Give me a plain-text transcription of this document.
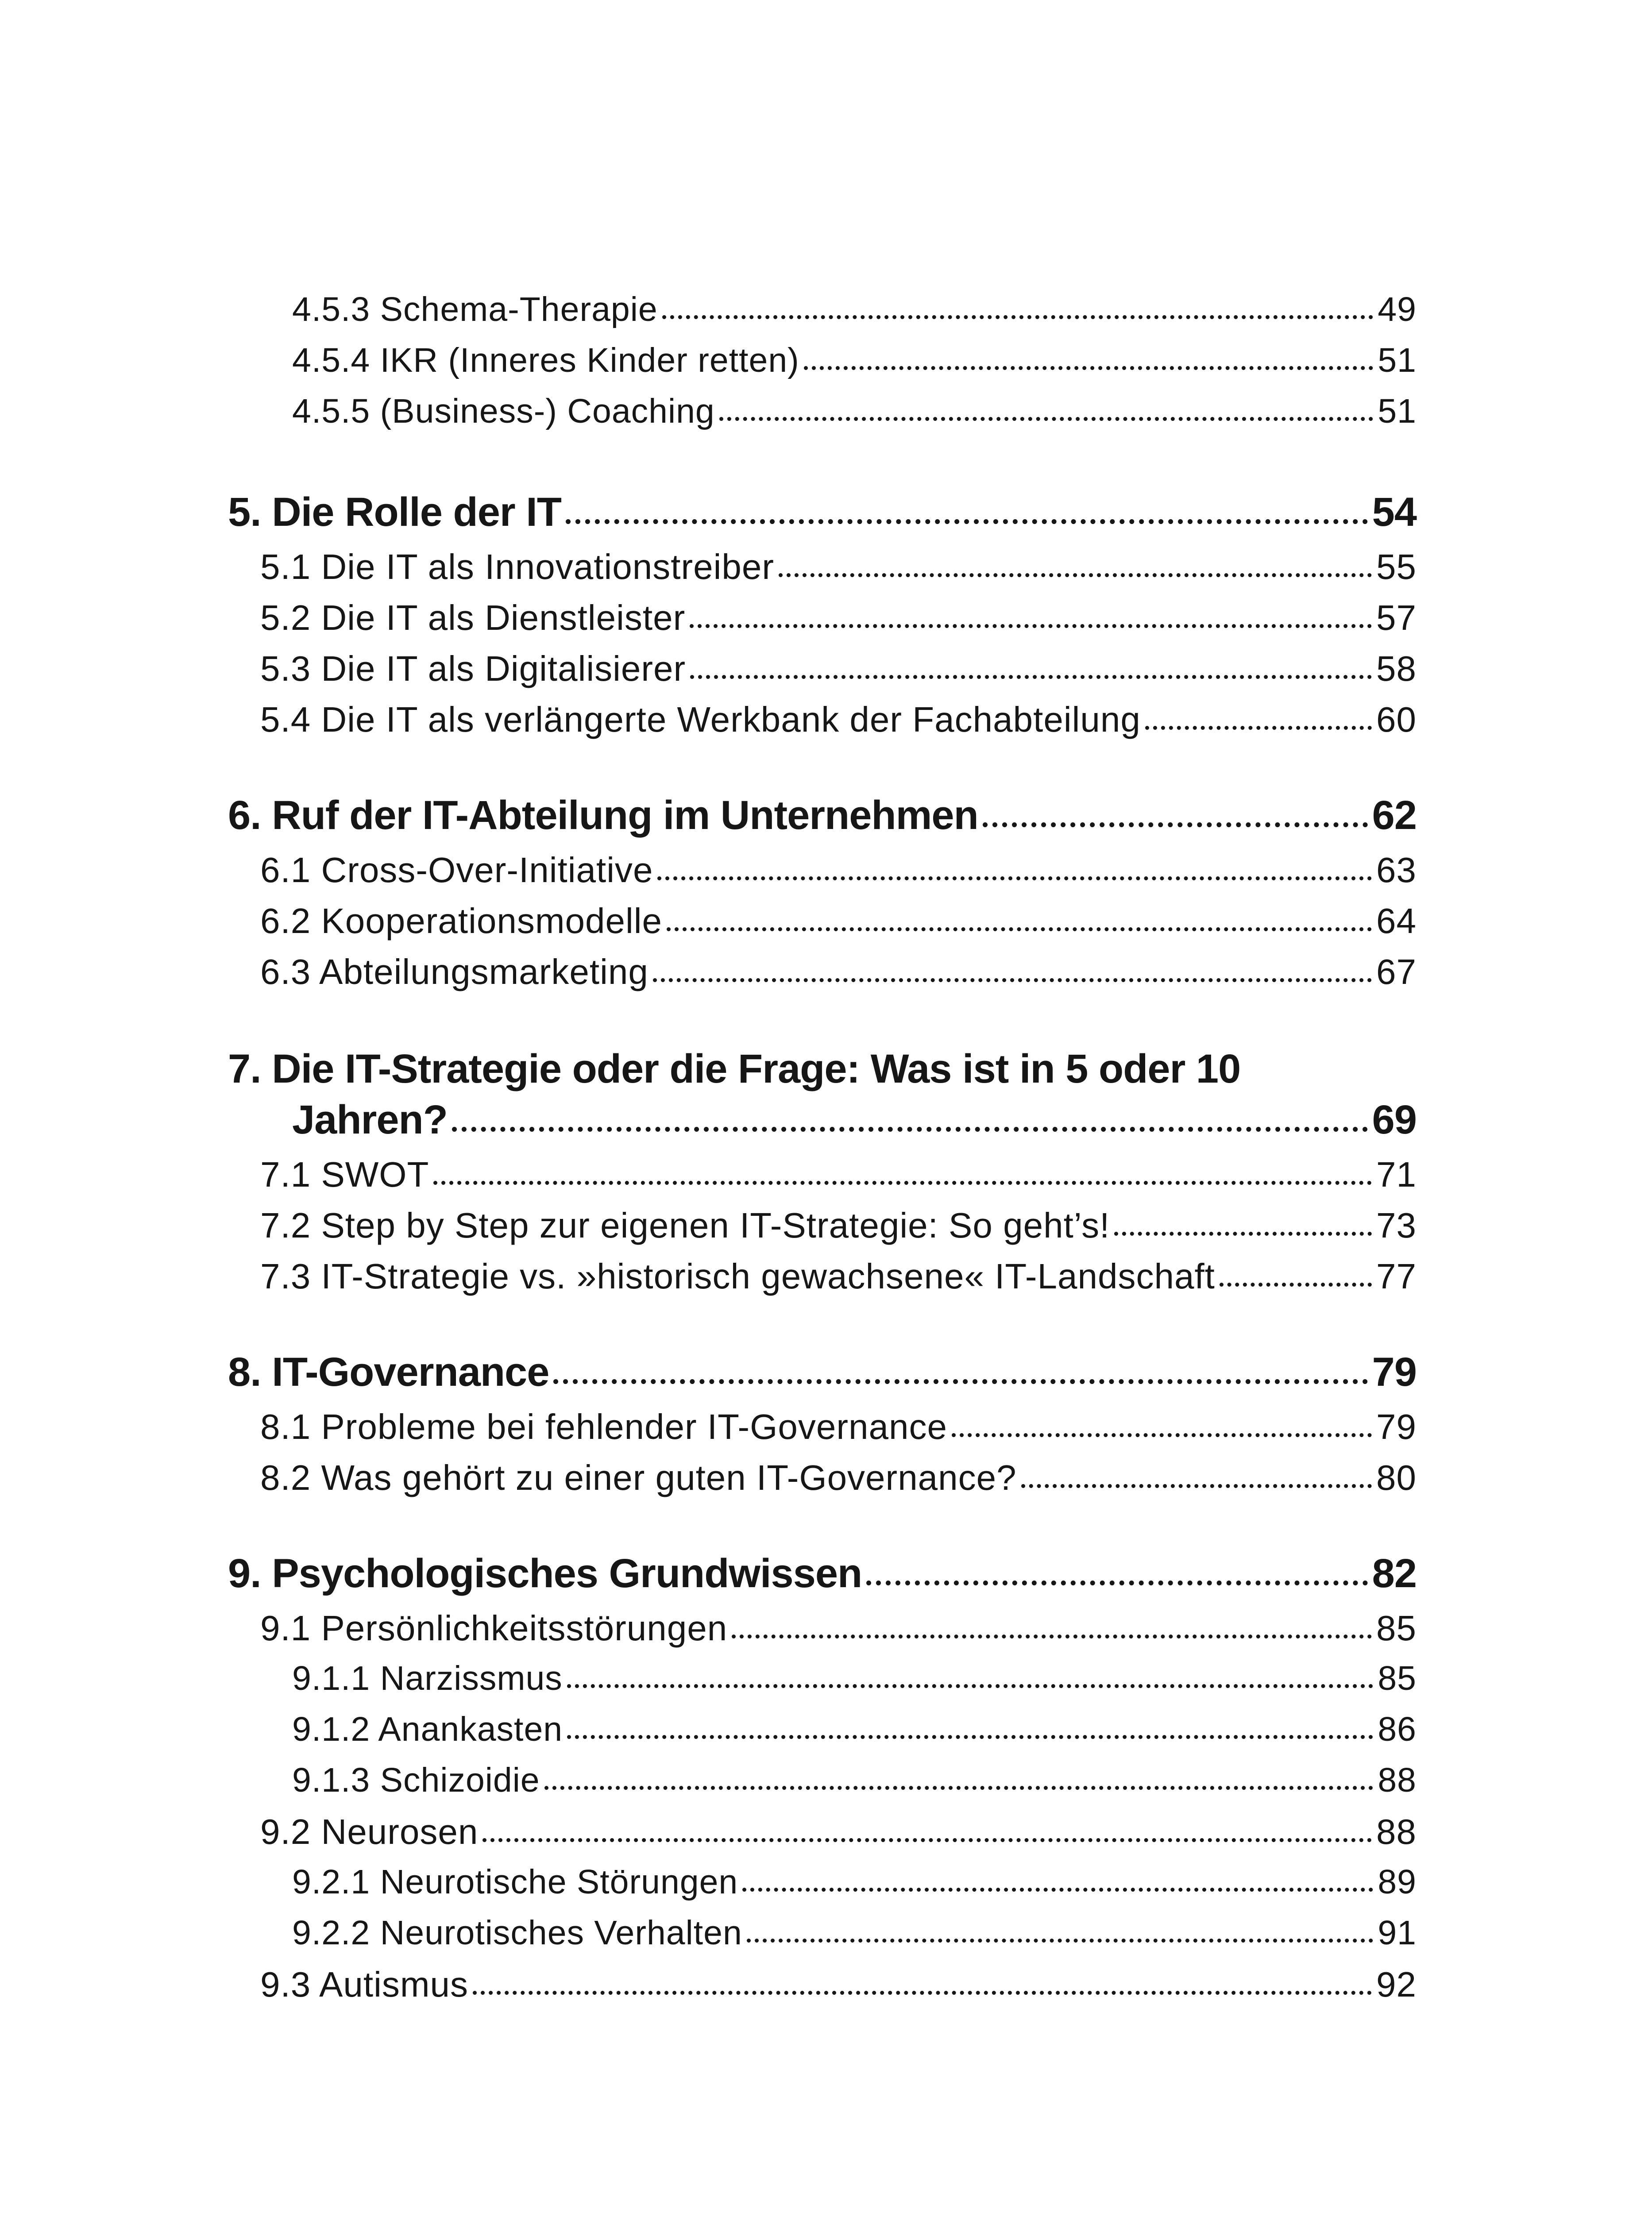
4.5.3 Schema-Therapie	49
4.5.4 IKR (Inneres Kinder retten)	51
4.5.5 (Business-) Coaching	51
5. Die Rolle der IT	54
5.1 Die IT als Innovationstreiber	55
5.2 Die IT als Dienstleister	57
5.3 Die IT als Digitalisierer	58
5.4 Die IT als verlängerte Werkbank der Fachabteilung	60
6. Ruf der IT-Abteilung im Unternehmen	62
6.1 Cross-Over-Initiative	63
6.2 Kooperationsmodelle	64
6.3 Abteilungsmarketing	67
7. Die IT-Strategie oder die Frage: Was ist in 5 oder 10
Jahren?	69
7.1 SWOT	71
7.2 Step by Step zur eigenen IT-Strategie: So geht’s!	73
7.3 IT-Strategie vs. »historisch gewachsene« IT-Landschaft	77
8. IT-Governance	79
8.1 Probleme bei fehlender IT-Governance	79
8.2 Was gehört zu einer guten IT-Governance?	80
9. Psychologisches Grundwissen	82
9.1 Persönlichkeitsstörungen	85
9.1.1 Narzissmus	85
9.1.2 Anankasten	86
9.1.3 Schizoidie	88
9.2 Neurosen	88
9.2.1 Neurotische Störungen	89
9.2.2 Neurotisches Verhalten	91
9.3 Autismus	92
